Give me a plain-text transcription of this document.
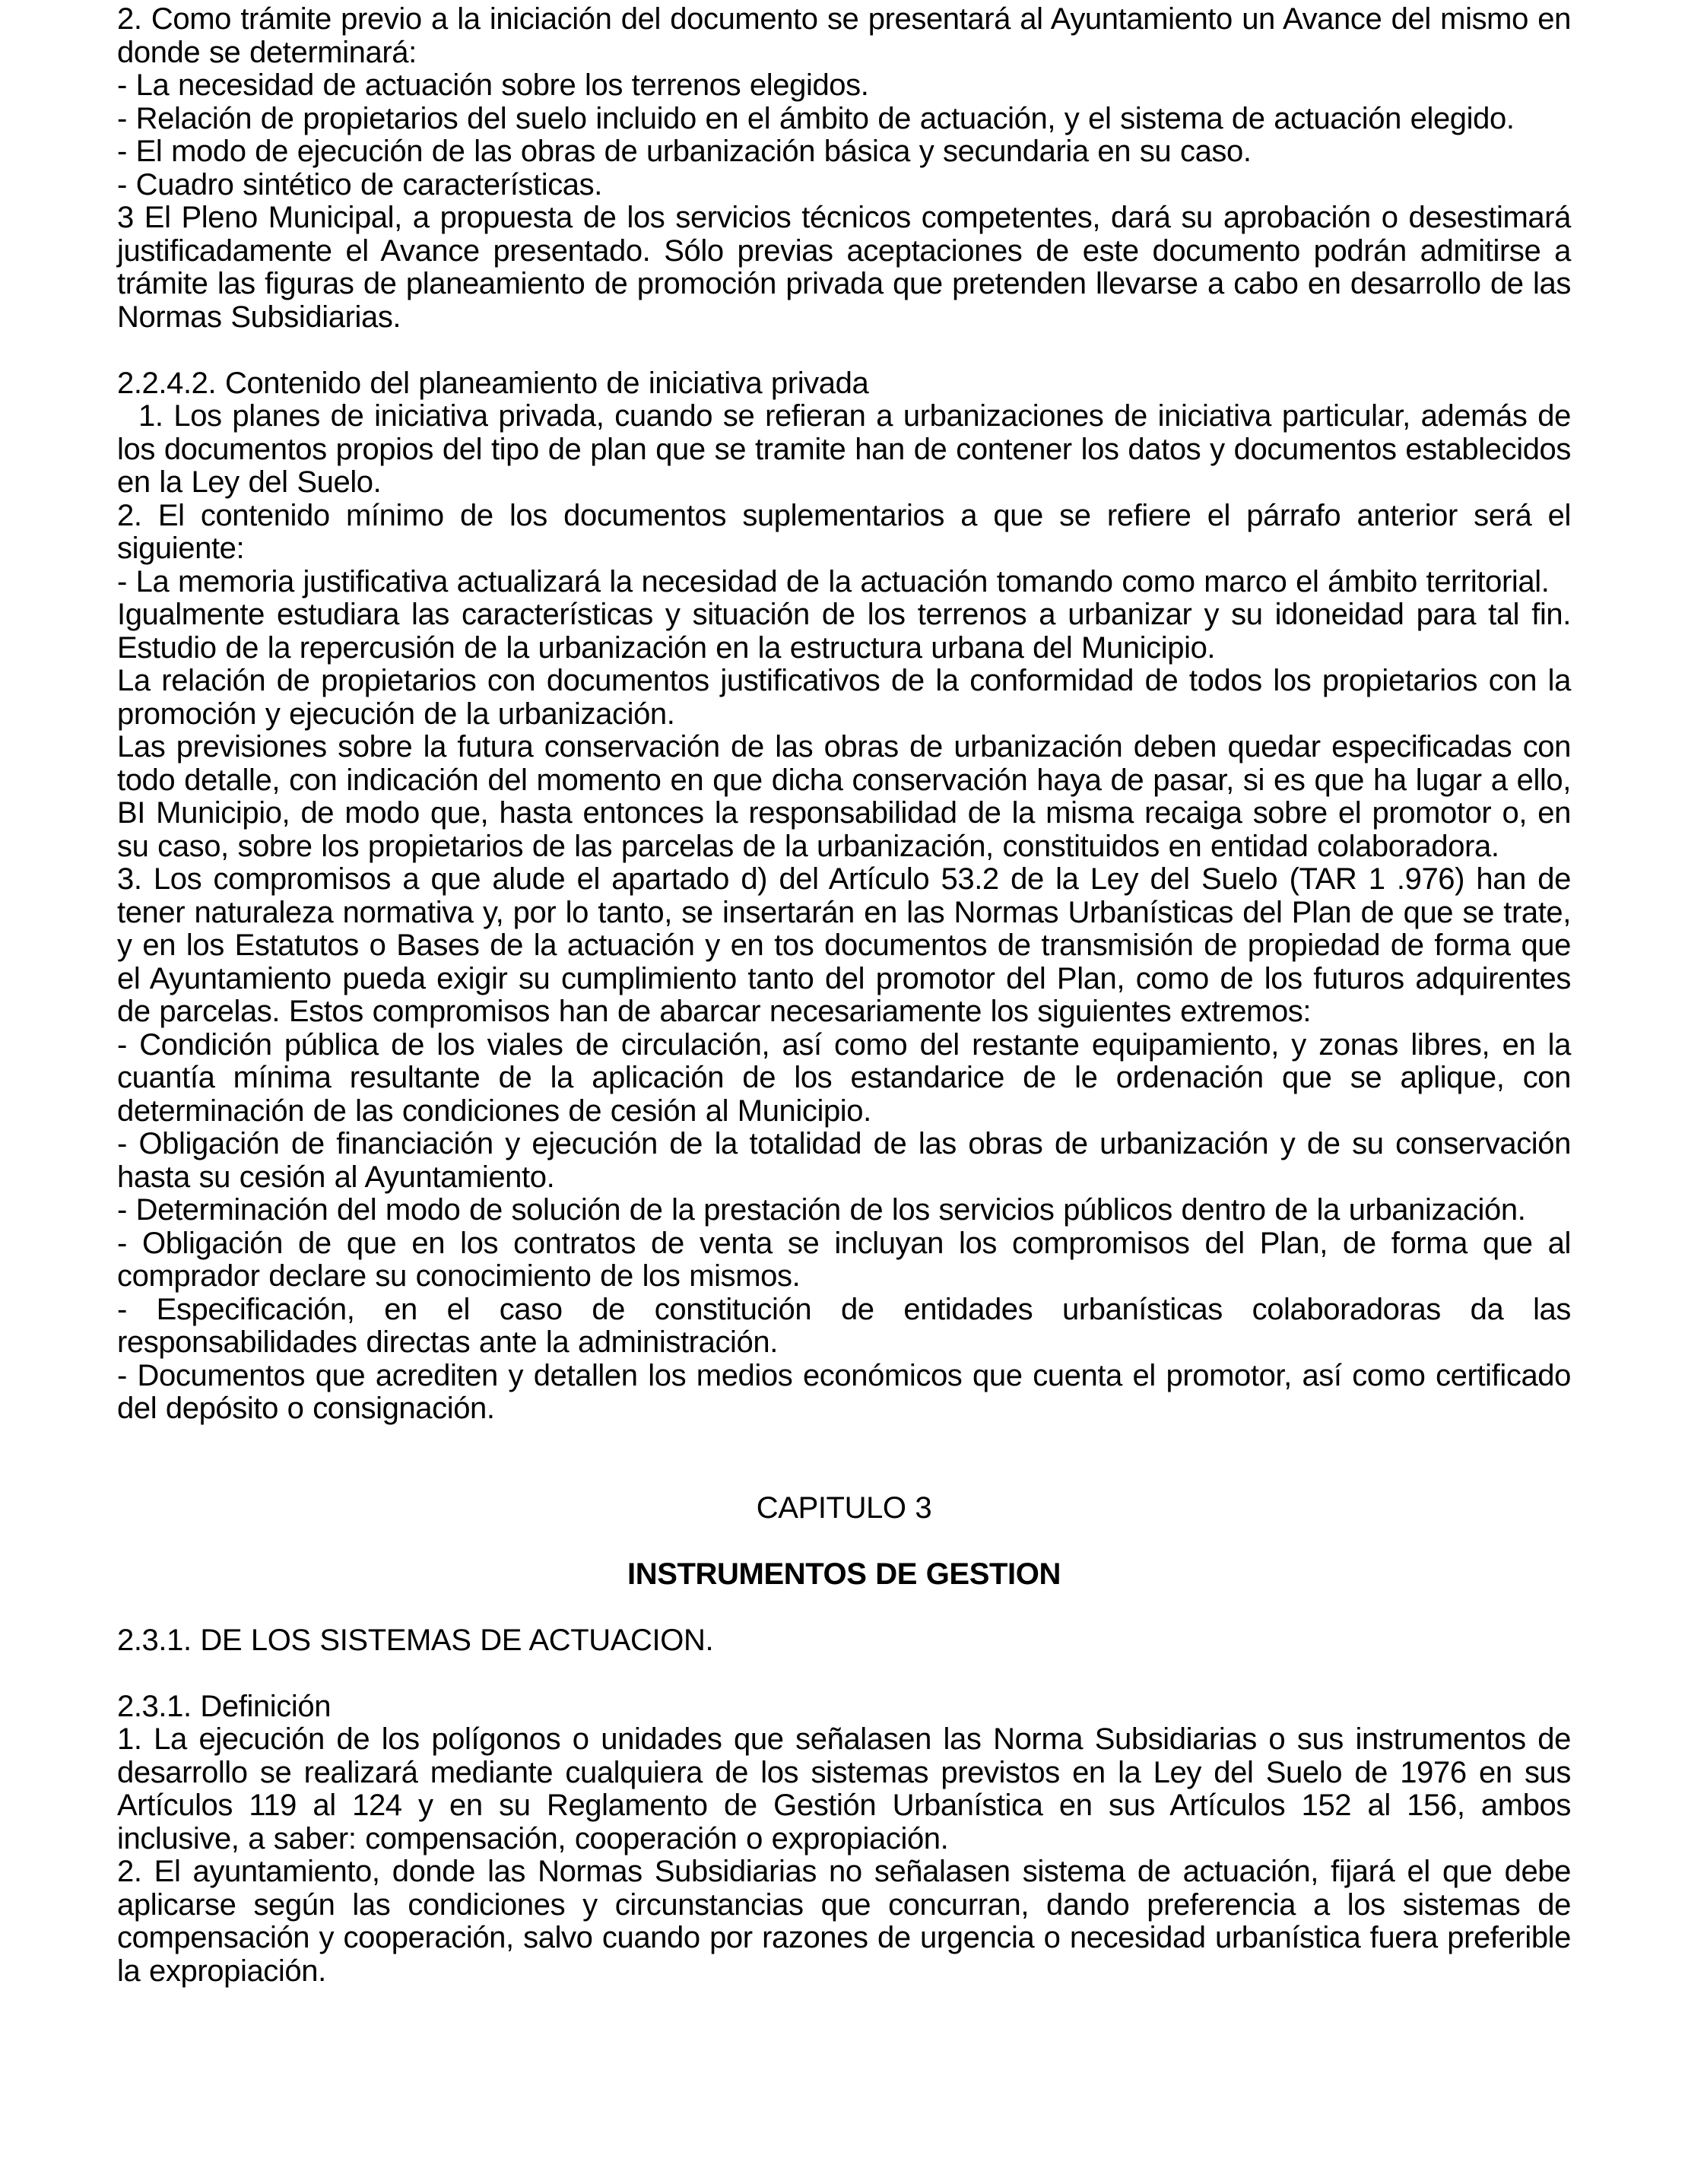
2. Como trámite previo a la iniciación del documento se presentará al Ayuntamiento un Avance del mismo en donde se determinará:
- La necesidad de actuación sobre los terrenos elegidos.
- Relación de propietarios del suelo incluido en el ámbito de actuación, y el sistema de actuación elegido.
- El modo de ejecución de las obras de urbanización básica y secundaria en su caso.
- Cuadro sintético de características.
3 El Pleno Municipal, a propuesta de los servicios técnicos competentes, dará su aprobación o desestimará justificadamente el Avance presentado. Sólo previas aceptaciones de este documento podrán admitirse a trámite las figuras de planeamiento de promoción privada que pretenden llevarse a cabo en desarrollo de las Normas Subsidiarias.
2.2.4.2. Contenido del planeamiento de iniciativa privada
1. Los planes de iniciativa privada, cuando se refieran a urbanizaciones de iniciativa particular, además de los documentos propios del tipo de plan que se tramite han de contener los datos y documentos establecidos en la Ley del Suelo.
2. El contenido mínimo de los documentos suplementarios a que se refiere el párrafo anterior será el siguiente:
- La memoria justificativa actualizará la necesidad de la actuación tomando como marco el ámbito territorial.
Igualmente estudiara las características y situación de los terrenos a urbanizar y su idoneidad para tal fin. Estudio de la repercusión de la urbanización en la estructura urbana del Municipio.
La relación de propietarios con documentos justificativos de la conformidad de todos los propietarios con la promoción y ejecución de la urbanización.
Las previsiones sobre la futura conservación de las obras de urbanización deben quedar especificadas con todo detalle, con indicación del momento en que dicha conservación haya de pasar, si es que ha lugar a ello, BI Municipio, de modo que, hasta entonces la responsabilidad de la misma recaiga sobre el promotor o, en su caso, sobre los propietarios de las parcelas de la urbanización, constituidos en entidad colaboradora.
3. Los compromisos a que alude el apartado d) del Artículo 53.2 de la Ley del Suelo (TAR 1 .976) han de tener naturaleza normativa y, por lo tanto, se insertarán en las Normas Urbanísticas del Plan de que se trate, y en los Estatutos o Bases de la actuación y en tos documentos de transmisión de propiedad de forma que el Ayuntamiento pueda exigir su cumplimiento tanto del promotor del Plan, como de los futuros adquirentes de parcelas. Estos compromisos han de abarcar necesariamente los siguientes extremos:
- Condición pública de los viales de circulación, así como del restante equipamiento, y zonas libres, en la cuantía mínima resultante de la aplicación de los estandarice de le ordenación que se aplique, con determinación de las condiciones de cesión al Municipio.
- Obligación de financiación y ejecución de la totalidad de las obras de urbanización y de su conservación hasta su cesión al Ayuntamiento.
- Determinación del modo de solución de la prestación de los servicios públicos dentro de la urbanización.
- Obligación de que en los contratos de venta se incluyan los compromisos del Plan, de forma que al comprador declare su conocimiento de los mismos.
- Especificación, en el caso de constitución de entidades urbanísticas colaboradoras da las responsabilidades directas ante la administración.
- Documentos que acrediten y detallen los medios económicos que cuenta el promotor, así como certificado del depósito o consignación.
CAPITULO 3
INSTRUMENTOS DE GESTION
2.3.1. DE LOS SISTEMAS DE ACTUACION.
2.3.1. Definición
1. La ejecución de los polígonos o unidades que señalasen las Norma Subsidiarias o sus instrumentos de desarrollo se realizará mediante cualquiera de los sistemas previstos en la Ley del Suelo de 1976 en sus Artículos 119 al 124 y en su Reglamento de Gestión Urbanística en sus Artículos 152 al 156, ambos inclusive, a saber: compensación, cooperación o expropiación.
2. El ayuntamiento, donde las Normas Subsidiarias no señalasen sistema de actuación, fijará el que debe aplicarse según las condiciones y circunstancias que concurran, dando preferencia a los sistemas de compensación y cooperación, salvo cuando por razones de urgencia o necesidad urbanística fuera preferible la expropiación.
